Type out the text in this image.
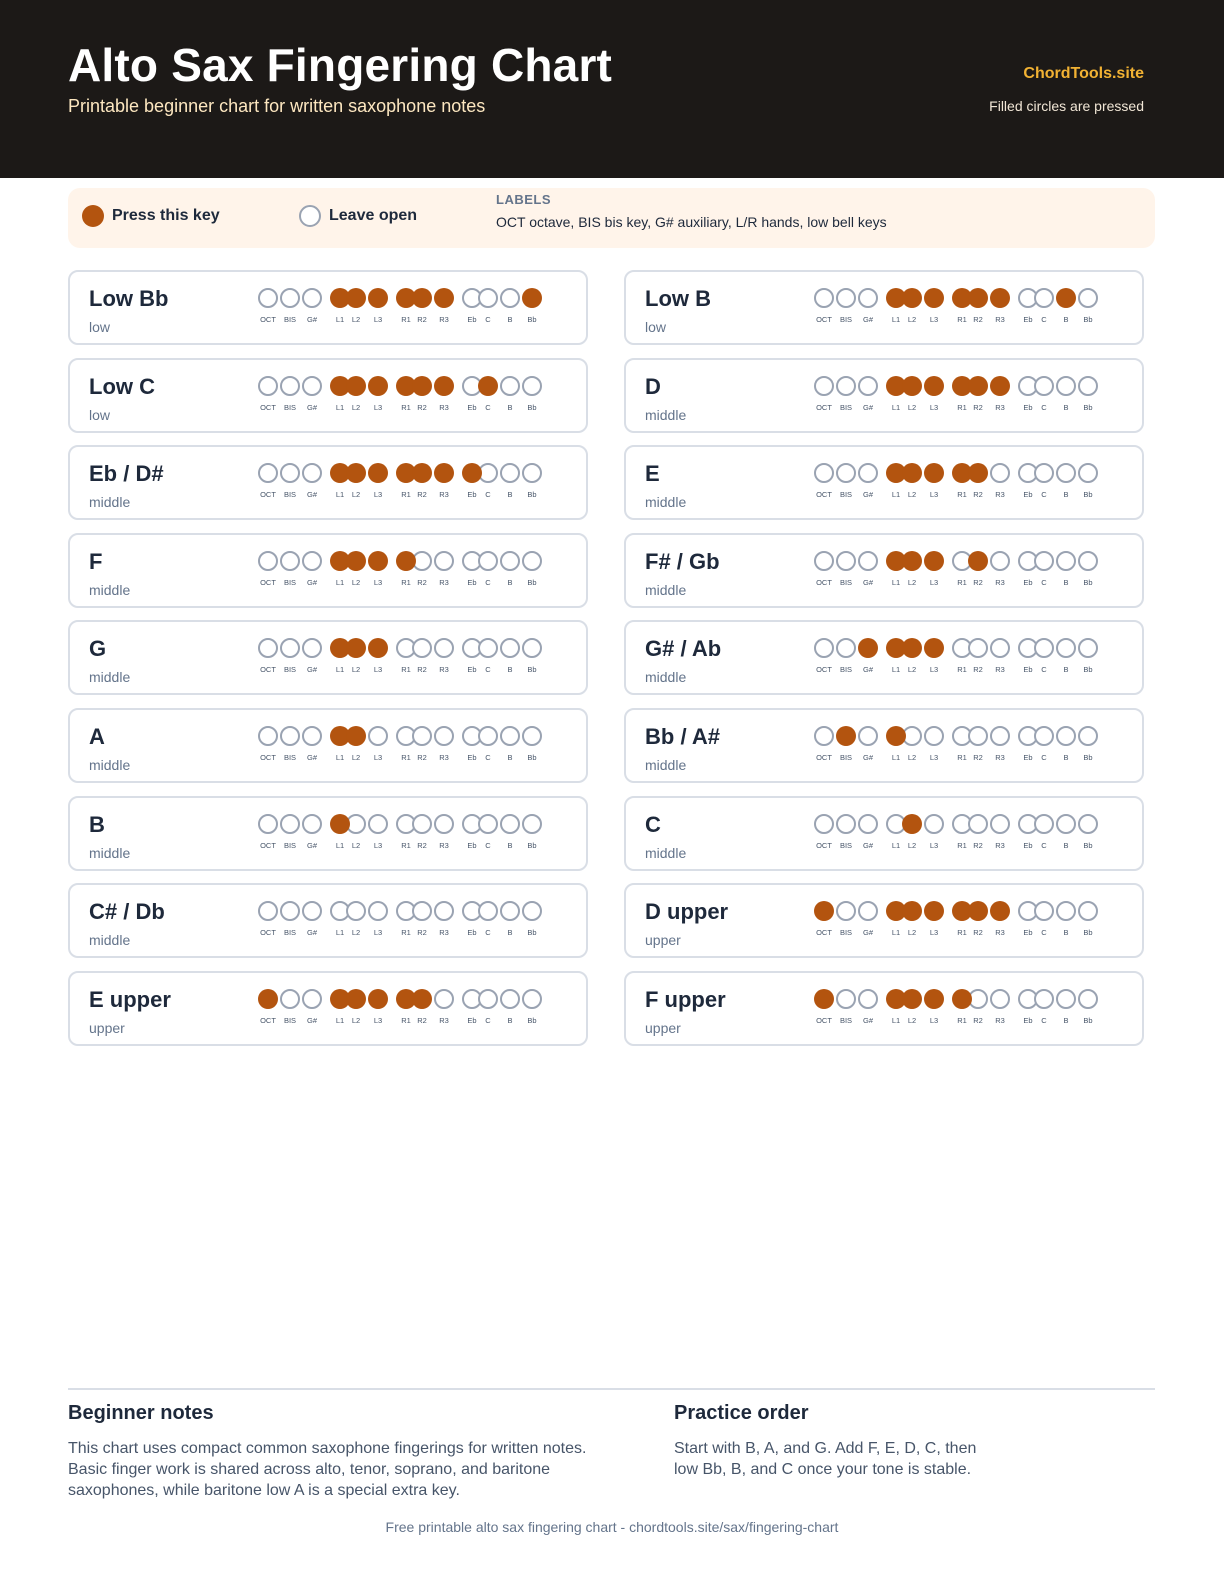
Alto Sax Fingering Chart
Printable beginner chart for written saxophone notes
ChordTools.site
Filled circles are pressed
Press this key	Leave open
LABELS
OCT octave, BIS bis key, G# auxiliary, L/R hands, low bell keys
Low Bb
low	OCT	BIS	G#	L1	L2	L3	R1 R2	R3	Eb	C	B	Bb
Low B
low	OCT	BIS	G#	L1	L2	L3	R1 R2	R3	Eb	C	B	Bb
Low C
low	OCT	BIS	G#	L1	L2	L3	R1 R2	R3	Eb	C	B	Bb
D
middle	OCT	BIS	G#	L1	L2	L3	R1 R2	R3	Eb	C	B	Bb
Eb / D#
middle	OCT	BIS	G#	L1	L2	L3	R1 R2	R3	Eb	C	B	Bb
E
middle	OCT	BIS	G#	L1	L2	L3	R1 R2	R3	Eb	C	B	Bb
F
middle	OCT	BIS	G#	L1	L2	L3	R1 R2	R3	Eb	C	B	Bb
F# / Gb
middle	OCT	BIS	G#	L1	L2	L3	R1 R2	R3	Eb	C	B	Bb
G
middle	OCT	BIS	G#	L1	L2	L3	R1 R2	R3	Eb	C	B	Bb
G# / Ab
middle	OCT	BIS	G#	L1	L2	L3	R1 R2	R3	Eb	C	B	Bb
A
middle	OCT	BIS	G#	L1	L2	L3	R1 R2	R3	Eb	C	B	Bb
Bb / A#
middle	OCT	BIS	G#	L1	L2	L3	R1 R2	R3	Eb	C	B	Bb
B
middle	OCT	BIS	G#	L1	L2	L3	R1 R2	R3	Eb	C	B	Bb
C
middle	OCT	BIS	G#	L1	L2	L3	R1 R2	R3	Eb	C	B	Bb
C# / Db
middle	OCT	BIS	G#	L1	L2	L3	R1 R2	R3	Eb	C	B	Bb
D upper
upper	OCT	BIS	G#	L1	L2	L3	R1 R2	R3	Eb	C	B	Bb
E upper
upper	OCT	BIS	G#	L1	L2	L3	R1 R2	R3	Eb	C	B	Bb
F upper
upper	OCT	BIS	G#	L1	L2	L3	R1 R2	R3	Eb	C	B	Bb
Beginner notes
This chart uses compact common saxophone fingerings for written notes. Basic finger work is shared across alto, tenor, soprano, and baritone saxophones, while baritone low A is a special extra key.
Practice order
Start with B, A, and G. Add F, E, D, C, then low Bb, B, and C once your tone is stable.
Free printable alto sax fingering chart - chordtools.site/sax/fingering-chart
